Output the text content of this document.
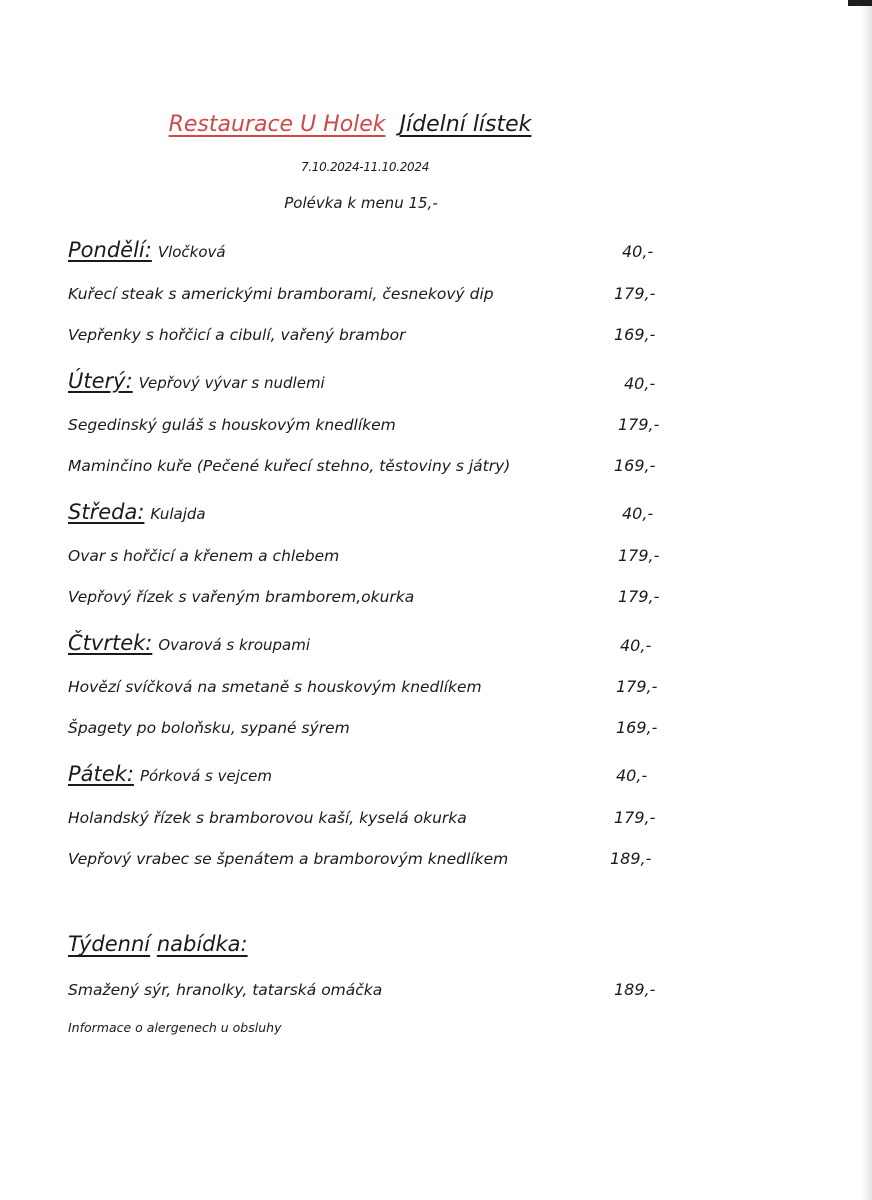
Restaurace U Holek Jídelní lístek
7.10.2024-11.10.2024
Polévka k menu 15,-
Pondělí: Vločková	40,-
Kuřecí steak s americkými bramborami, česnekový dip	179,-
Vepřenky s hořčicí a cibulí, vařený brambor	169,-
Úterý: Vepřový vývar s nudlemi	40,-
Segedinský guláš s houskovým knedlíkem	179,-
Maminčino kuře (Pečené kuřecí stehno, těstoviny s játry)	169,-
Středa: Kulajda	40,-
Ovar s hořčicí a křenem a chlebem	179,-
Vepřový řízek s vařeným bramborem,okurka	179,-
Čtvrtek: Ovarová s kroupami	40,-
Hovězí svíčková na smetaně s houskovým knedlíkem	179,-
Špagety po boloňsku, sypané sýrem	169,-
Pátek: Pórková s vejcem	40,-
Holandský řízek s bramborovou kaší, kyselá okurka	179,-
Vepřový vrabec se špenátem a bramborovým knedlíkem	189,-
Týdenní nabídka:
Smažený sýr, hranolky, tatarská omáčka	189,-
Informace o alergenech u obsluhy
